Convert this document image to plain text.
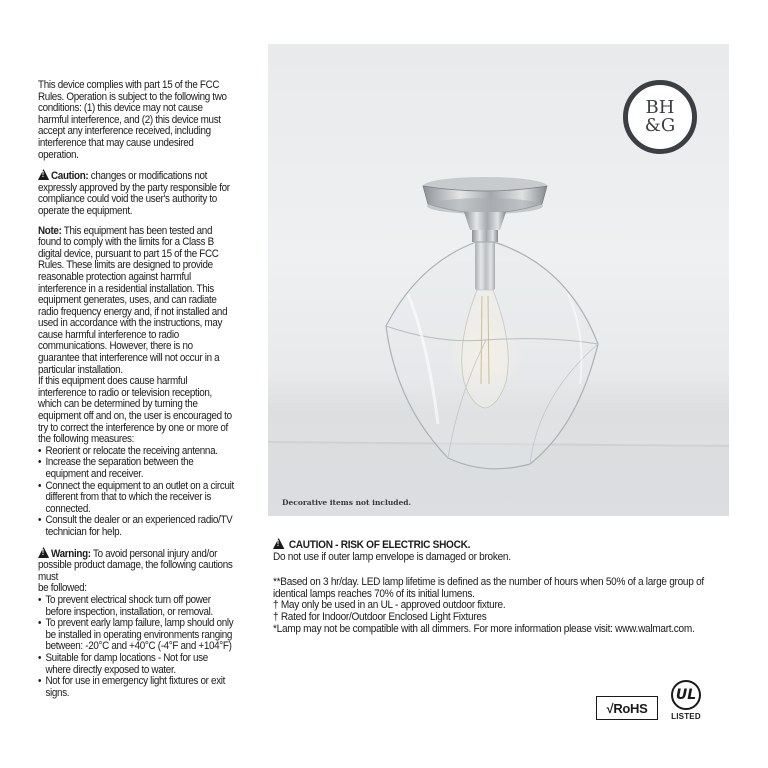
This device complies with part 15 of the FCC Rules. Operation is subject to the following two conditions: (1) this device may not cause harmful interference, and (2) this device must accept any interference received, including interference that may cause undesired operation.

!Caution: changes or modifications not expressly approved by the party responsible for compliance could void the user's authority to operate the equipment.

Note: This equipment has been tested and found to comply with the limits for a Class B digital device, pursuant to part 15 of the FCC Rules. These limits are designed to provide reasonable protection against harmful interference in a residential installation. This equipment generates, uses, and can radiate radio frequency energy and, if not installed and used in accordance with the instructions, may cause harmful interference to radio communications. However, there is no guarantee that interference will not occur in a particular installation.

If this equipment does cause harmful interference to radio or television reception, which can be determined by turning the equipment off and on, the user is encouraged to try to correct the interference by one or more of the following measures:

• Reorient or relocate the receiving antenna.
• Increase the separation between the equipment and receiver.
• Connect the equipment to an outlet on a circuit different from that to which the receiver is connected.
• Consult the dealer or an experienced radio/TV technician for help.

!Warning: To avoid personal injury and/or possible product damage, the following cautions must

be followed:

• To prevent electrical shock turn off power before inspection, installation, or removal.
• To prevent early lamp failure, lamp should only be installed in operating environments ranging between: -20°C and +40°C (-4°F and +104°F)
• Suitable for damp locations - Not for use where directly exposed to water.
• Not for use in emergency light fixtures or exit signs.
BH
&G
Decorative items not included.

! CAUTION - RISK OF ELECTRIC SHOCK.

Do not use if outer lamp envelope is damaged or broken.

**Based on 3 hr/day. LED lamp lifetime is defined as the number of hours when 50% of a large group of identical lamps reaches 70% of its initial lumens.

† May only be used in an UL - approved outdoor fixture.

† Rated for Indoor/Outdoor Enclosed Light Fixtures

*Lamp may not be compatible with all dimmers. For more information please visit: www.walmart.com.

√RoHS
UL
LISTED
